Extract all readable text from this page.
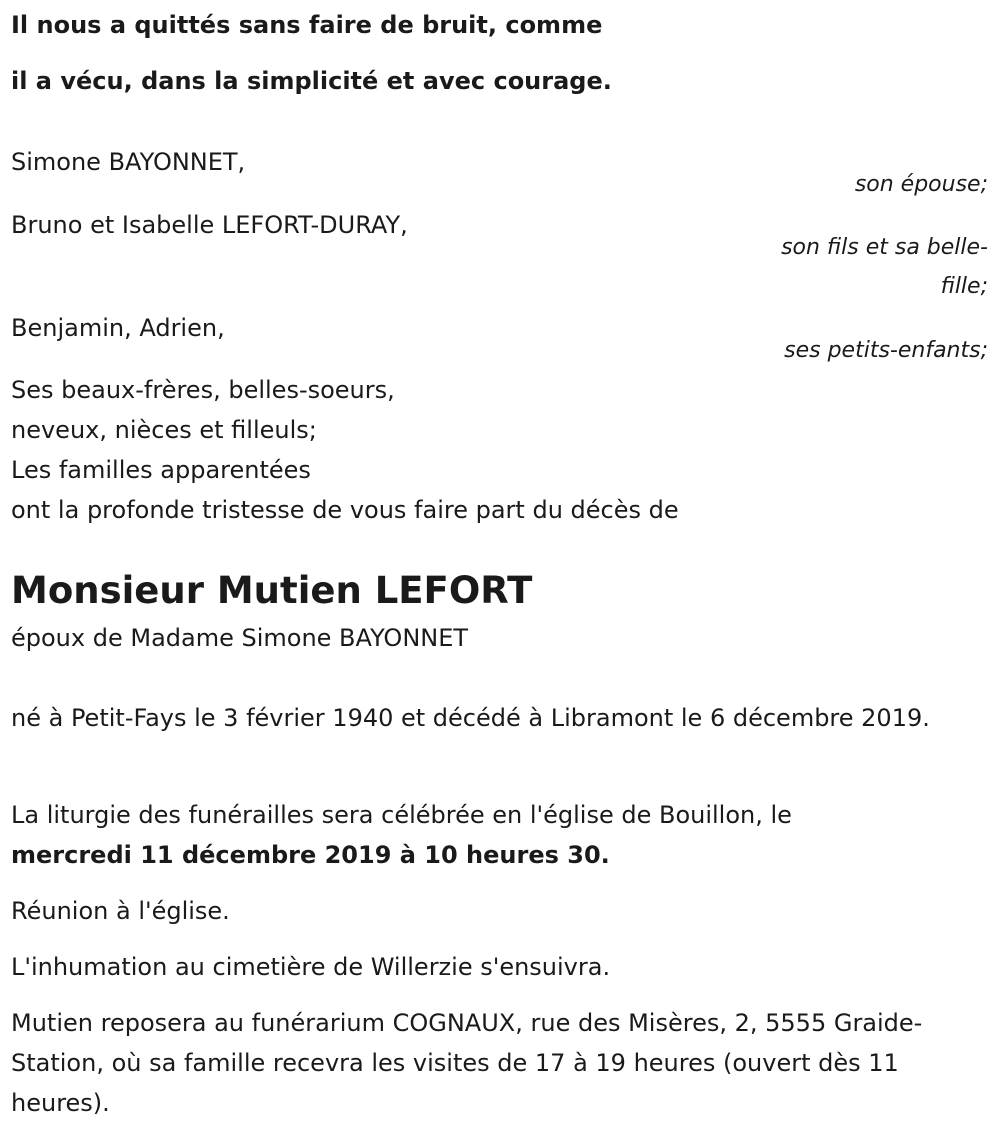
Il nous a quittés sans faire de bruit, comme
il a vécu, dans la simplicité et avec courage.
Simone BAYONNET,
son épouse;
Bruno et Isabelle LEFORT-DURAY,
son fils et sa belle-
fille;
Benjamin, Adrien,
ses petits-enfants;
Ses beaux-frères, belles-soeurs,
neveux, nièces et filleuls;
Les familles apparentées
ont la profonde tristesse de vous faire part du décès de
Monsieur Mutien LEFORT
époux de Madame Simone BAYONNET
né à Petit-Fays le 3 février 1940 et décédé à Libramont le 6 décembre 2019.
La liturgie des funérailles sera célébrée en l'église de Bouillon, le
mercredi 11 décembre 2019 à 10 heures 30.
Réunion à l'église.
L'inhumation au cimetière de Willerzie s'ensuivra.
Mutien reposera au funérarium COGNAUX, rue des Misères, 2, 5555 Graide-Station, où sa famille recevra les visites de 17 à 19 heures (ouvert dès 11 heures).
